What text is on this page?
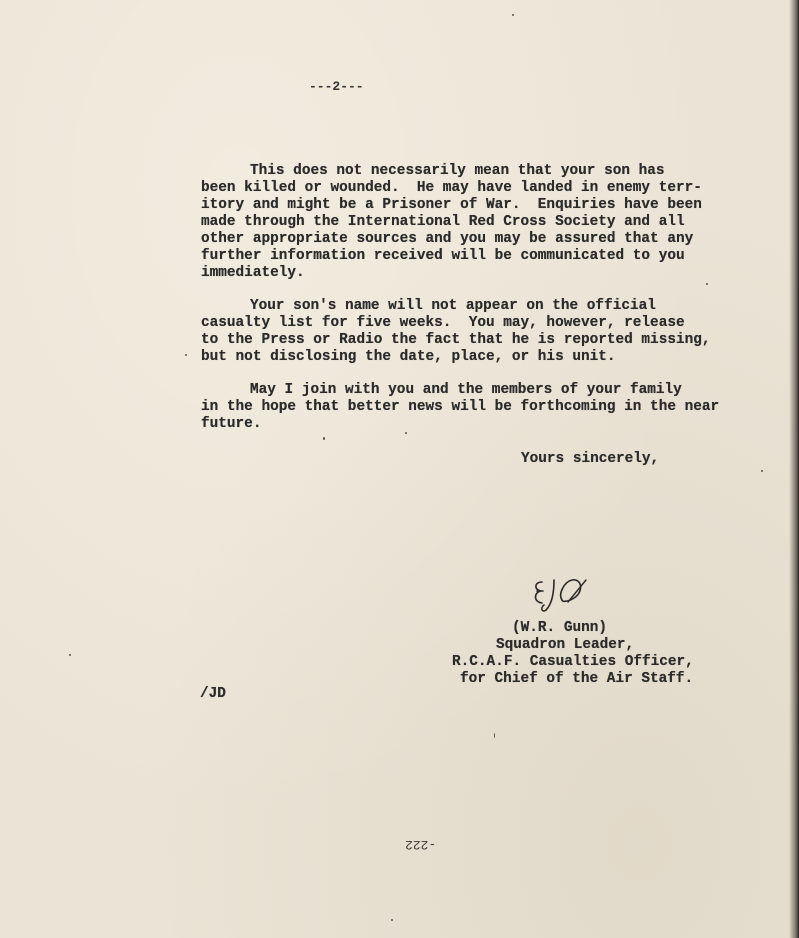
---2---
This does not necessarily mean that your son has
been killed or wounded.  He may have landed in enemy terr-
itory and might be a Prisoner of War.  Enquiries have been
made through the International Red Cross Society and all
other appropriate sources and you may be assured that any
further information received will be communicated to you
immediately.
Your son's name will not appear on the official
casualty list for five weeks.  You may, however, release
to the Press or Radio the fact that he is reported missing,
but not disclosing the date, place, or his unit.
May I join with you and the members of your family
in the hope that better news will be forthcoming in the near
future.
Yours sincerely,
(W.R. Gunn)
Squadron Leader,
R.C.A.F. Casualties Officer,
for Chief of the Air Staff.
/JD
-222
